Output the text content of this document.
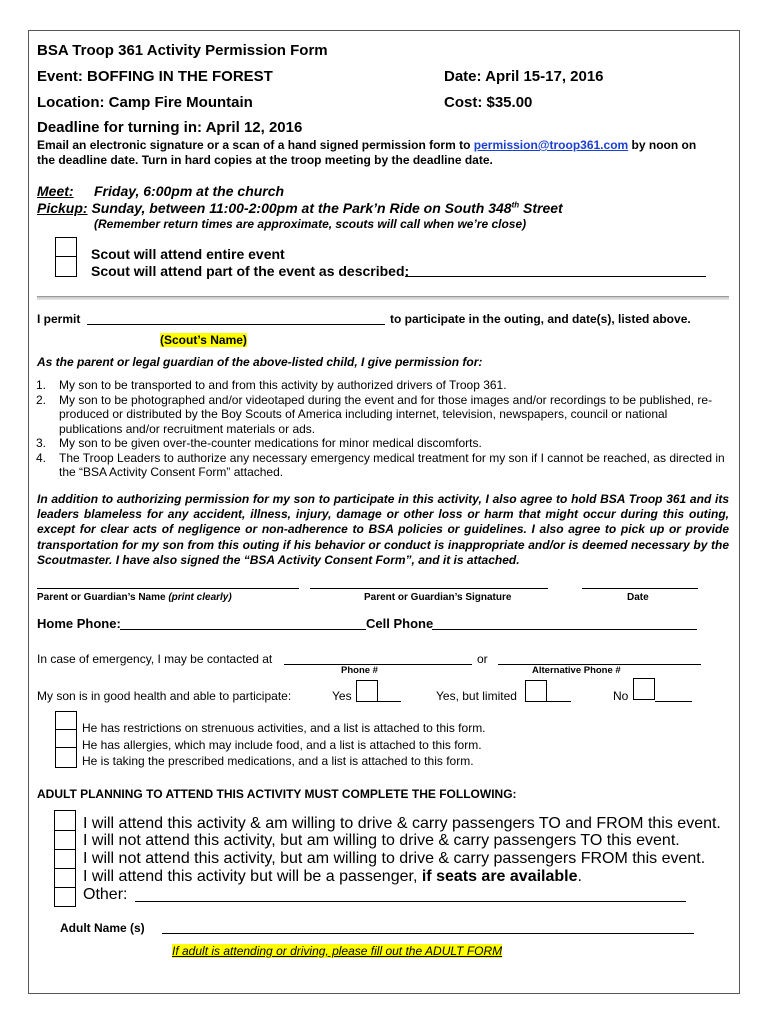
BSA Troop 361 Activity Permission Form
Event: BOFFING IN THE FOREST	Date: April 15-17, 2016
Location: Camp Fire Mountain	Cost: $35.00
Deadline for turning in: April 12, 2016
Email an electronic signature or a scan of a hand signed permission form to permission@troop361.com by noon on
the deadline date. Turn in hard copies at the troop meeting by the deadline date.
Meet: Friday, 6:00pm at the church
Pickup: Sunday, between 11:00-2:00pm at the Park’n Ride on South 348th Street
(Remember return times are approximate, scouts will call when we’re close)
Scout will attend entire event
Scout will attend part of the event as described:
I permit	to participate in the outing, and date(s), listed above.
(Scout’s Name)
As the parent or legal guardian of the above-listed child, I give permission for:
1. My son to be transported to and from this activity by authorized drivers of Troop 361.
2. My son to be photographed and/or videotaped during the event and for those images and/or recordings to be published, re-produced or distributed by the Boy Scouts of America including internet, television, newspapers, council or national publications and/or recruitment materials or ads.
3. My son to be given over-the-counter medications for minor medical discomforts.
4. The Troop Leaders to authorize any necessary emergency medical treatment for my son if I cannot be reached, as directed in the “BSA Activity Consent Form” attached.
In addition to authorizing permission for my son to participate in this activity, I also agree to hold BSA Troop 361 and its leaders blameless for any accident, illness, injury, damage or other loss or harm that might occur during this outing, except for clear acts of negligence or non-adherence to BSA policies or guidelines. I also agree to pick up or provide transportation for my son from this outing if his behavior or conduct is inappropriate and/or is deemed necessary by the Scoutmaster. I have also signed the “BSA Activity Consent Form”, and it is attached.
Parent or Guardian’s Name (print clearly)	Parent or Guardian’s Signature	Date
Home Phone:	Cell Phone
In case of emergency, I may be contacted at	or
Phone #	Alternative Phone #
My son is in good health and able to participate:	Yes	Yes, but limited	No
He has restrictions on strenuous activities, and a list is attached to this form.
He has allergies, which may include food, and a list is attached to this form.
He is taking the prescribed medications, and a list is attached to this form.
ADULT PLANNING TO ATTEND THIS ACTIVITY MUST COMPLETE THE FOLLOWING:
I will attend this activity & am willing to drive & carry passengers TO and FROM this event.
I will not attend this activity, but am willing to drive & carry passengers TO this event.
I will not attend this activity, but am willing to drive & carry passengers FROM this event.
I will attend this activity but will be a passenger, if seats are available.
Other:
Adult Name (s)
If adult is attending or driving, please fill out the ADULT FORM
